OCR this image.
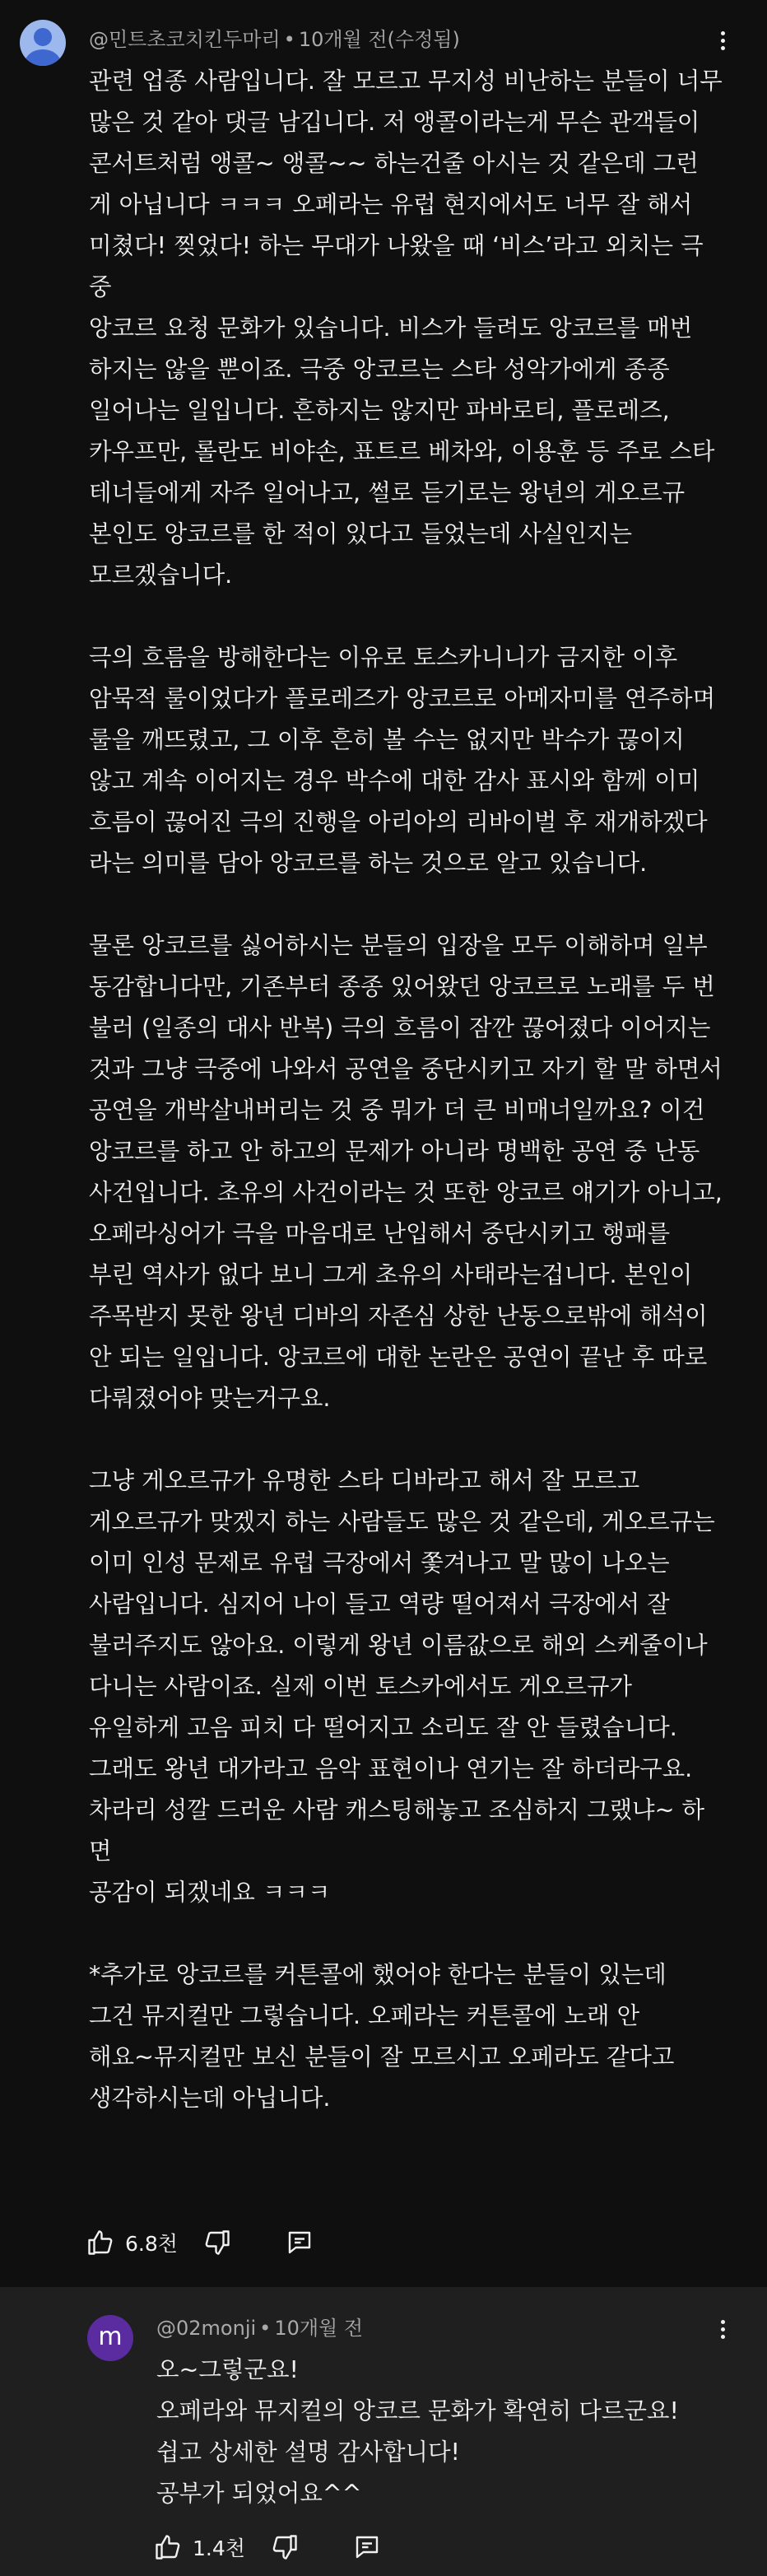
@민트초코치킨두마리 • 10개월 전(수정됨)

관련 업종 사람입니다. 잘 모르고 무지성 비난하는 분들이 너무
많은 것 같아 댓글 남깁니다. 저 앵콜이라는게 무슨 관객들이
콘서트처럼 앵콜~ 앵콜~~ 하는건줄 아시는 것 같은데 그런
게 아닙니다 ㅋㅋㅋ 오페라는 유럽 현지에서도 너무 잘 해서
미쳤다! 찢었다! 하는 무대가 나왔을 때 ‘비스’라고 외치는 극중
앙코르 요청 문화가 있습니다. 비스가 들려도 앙코르를 매번
하지는 않을 뿐이죠. 극중 앙코르는 스타 성악가에게 종종
일어나는 일입니다. 흔하지는 않지만 파바로티, 플로레즈,
카우프만, 롤란도 비야손, 표트르 베차와, 이용훈 등 주로 스타
테너들에게 자주 일어나고, 썰로 듣기로는 왕년의 게오르규
본인도 앙코르를 한 적이 있다고 들었는데 사실인지는
모르겠습니다.

극의 흐름을 방해한다는 이유로 토스카니니가 금지한 이후
암묵적 룰이었다가 플로레즈가 앙코르로 아메자미를 연주하며
룰을 깨뜨렸고, 그 이후 흔히 볼 수는 없지만 박수가 끊이지
않고 계속 이어지는 경우 박수에 대한 감사 표시와 함께 이미
흐름이 끊어진 극의 진행을 아리아의 리바이벌 후 재개하겠다
라는 의미를 담아 앙코르를 하는 것으로 알고 있습니다.

물론 앙코르를 싫어하시는 분들의 입장을 모두 이해하며 일부
동감합니다만, 기존부터 종종 있어왔던 앙코르로 노래를 두 번
불러 (일종의 대사 반복) 극의 흐름이 잠깐 끊어졌다 이어지는
것과 그냥 극중에 나와서 공연을 중단시키고 자기 할 말 하면서
공연을 개박살내버리는 것 중 뭐가 더 큰 비매너일까요? 이건
앙코르를 하고 안 하고의 문제가 아니라 명백한 공연 중 난동
사건입니다. 초유의 사건이라는 것 또한 앙코르 얘기가 아니고,
오페라싱어가 극을 마음대로 난입해서 중단시키고 행패를
부린 역사가 없다 보니 그게 초유의 사태라는겁니다. 본인이
주목받지 못한 왕년 디바의 자존심 상한 난동으로밖에 해석이
안 되는 일입니다. 앙코르에 대한 논란은 공연이 끝난 후 따로
다뤄졌어야 맞는거구요.

그냥 게오르규가 유명한 스타 디바라고 해서 잘 모르고
게오르규가 맞겠지 하는 사람들도 많은 것 같은데, 게오르규는
이미 인성 문제로 유럽 극장에서 쫓겨나고 말 많이 나오는
사람입니다. 심지어 나이 들고 역량 떨어져서 극장에서 잘
불러주지도 않아요. 이렇게 왕년 이름값으로 해외 스케줄이나
다니는 사람이죠. 실제 이번 토스카에서도 게오르규가
유일하게 고음 피치 다 떨어지고 소리도 잘 안 들렸습니다.
그래도 왕년 대가라고 음악 표현이나 연기는 잘 하더라구요.
차라리 성깔 드러운 사람 캐스팅해놓고 조심하지 그랬냐~ 하면
공감이 되겠네요 ㅋㅋㅋ

*추가로 앙코르를 커튼콜에 했어야 한다는 분들이 있는데
그건 뮤지컬만 그렇습니다. 오페라는 커튼콜에 노래 안
해요~뮤지컬만 보신 분들이 잘 모르시고 오페라도 같다고
생각하시는데 아닙니다.

6.8천
m	@02monji • 10개월 전
오~그렇군요!
오페라와 뮤지컬의 앙코르 문화가 확연히 다르군요!
쉽고 상세한 설명 감사합니다!
공부가 되었어요^^
1.4천
